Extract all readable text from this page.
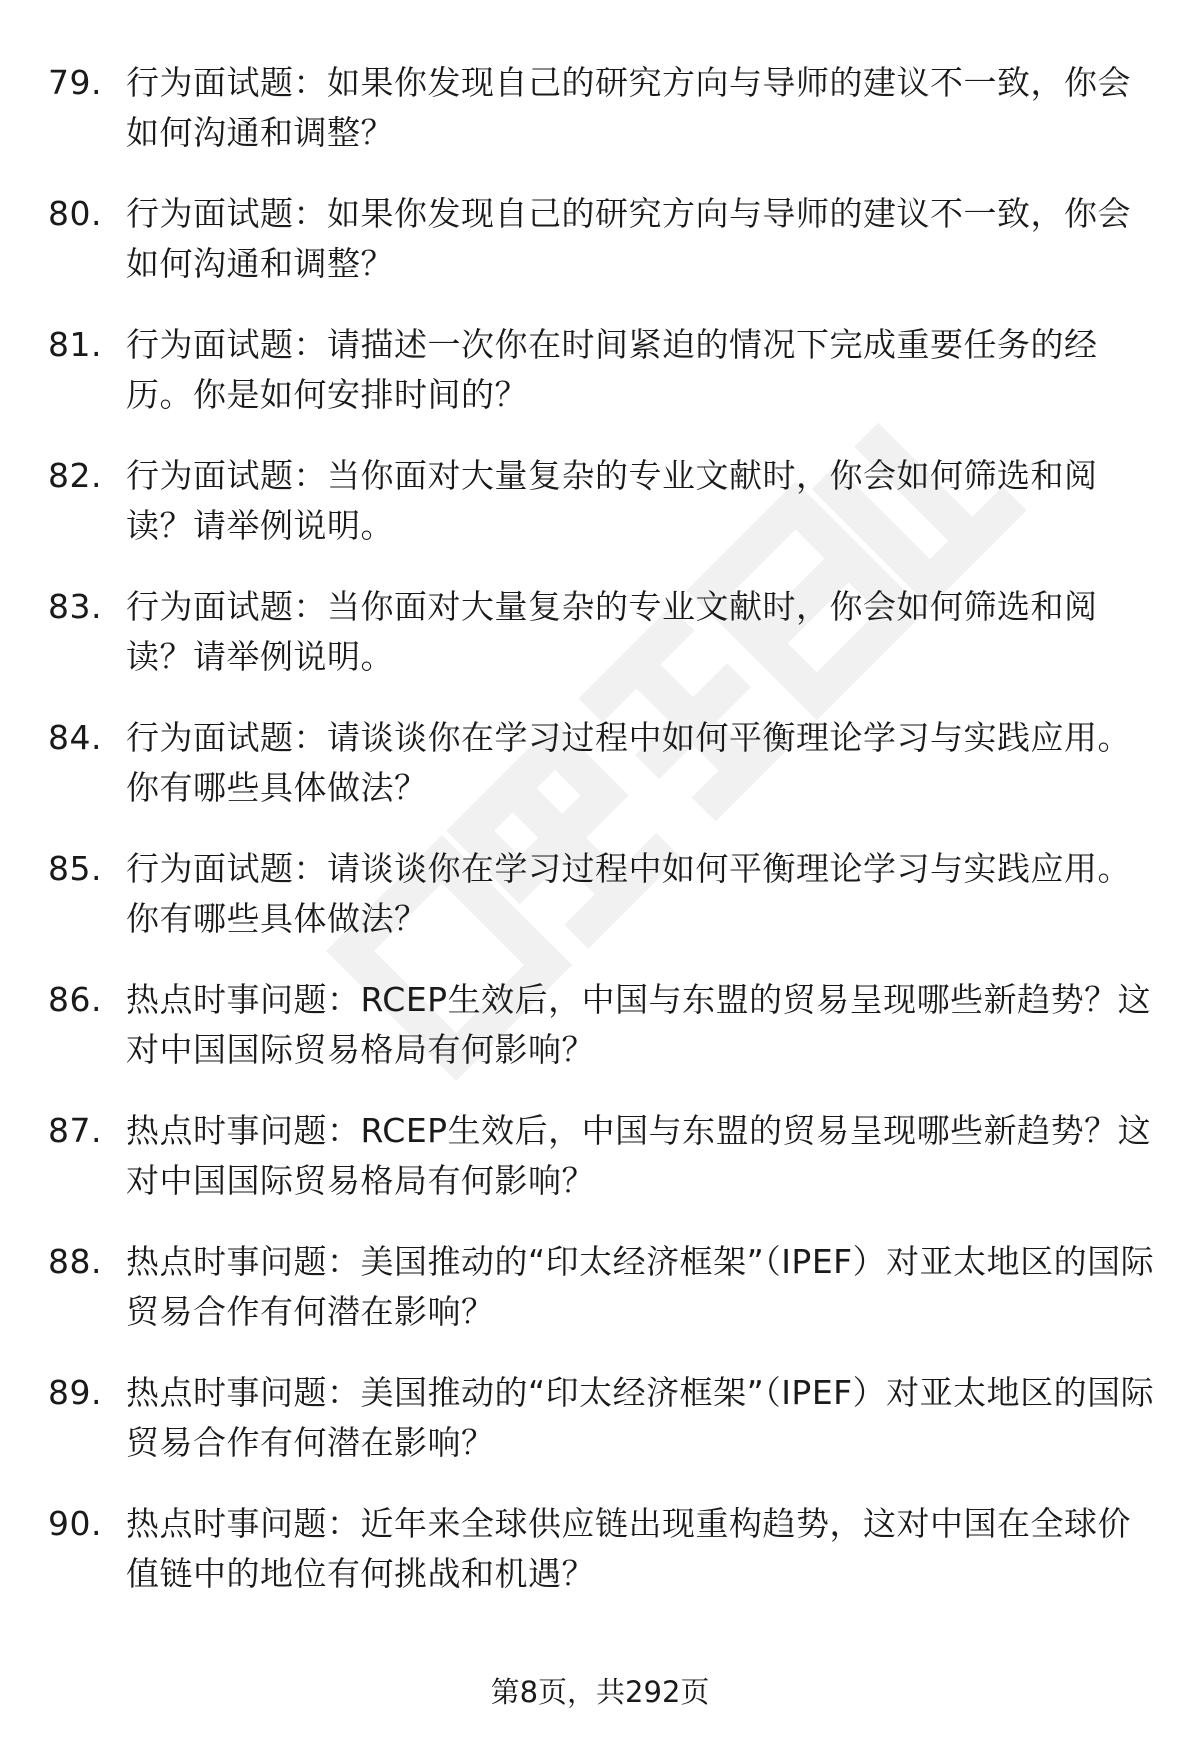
79. 行为面试题：如果你发现自己的研究方向与导师的建议不一致，你会如何沟通和调整？
80. 行为面试题：如果你发现自己的研究方向与导师的建议不一致，你会如何沟通和调整？
81. 行为面试题：请描述一次你在时间紧迫的情况下完成重要任务的经历。你是如何安排时间的？
82. 行为面试题：当你面对大量复杂的专业文献时，你会如何筛选和阅读？请举例说明。
83. 行为面试题：当你面对大量复杂的专业文献时，你会如何筛选和阅读？请举例说明。
84. 行为面试题：请谈谈你在学习过程中如何平衡理论学习与实践应用。你有哪些具体做法？
85. 行为面试题：请谈谈你在学习过程中如何平衡理论学习与实践应用。你有哪些具体做法？
86. 热点时事问题：RCEP生效后，中国与东盟的贸易呈现哪些新趋势？这对中国国际贸易格局有何影响？
87. 热点时事问题：RCEP生效后，中国与东盟的贸易呈现哪些新趋势？这对中国国际贸易格局有何影响？
88. 热点时事问题：美国推动的“印太经济框架”（IPEF）对亚太地区的国际贸易合作有何潜在影响？
89. 热点时事问题：美国推动的“印太经济框架”（IPEF）对亚太地区的国际贸易合作有何潜在影响？
90. 热点时事问题：近年来全球供应链出现重构趋势，这对中国在全球价值链中的地位有何挑战和机遇？
第8页，共292页
